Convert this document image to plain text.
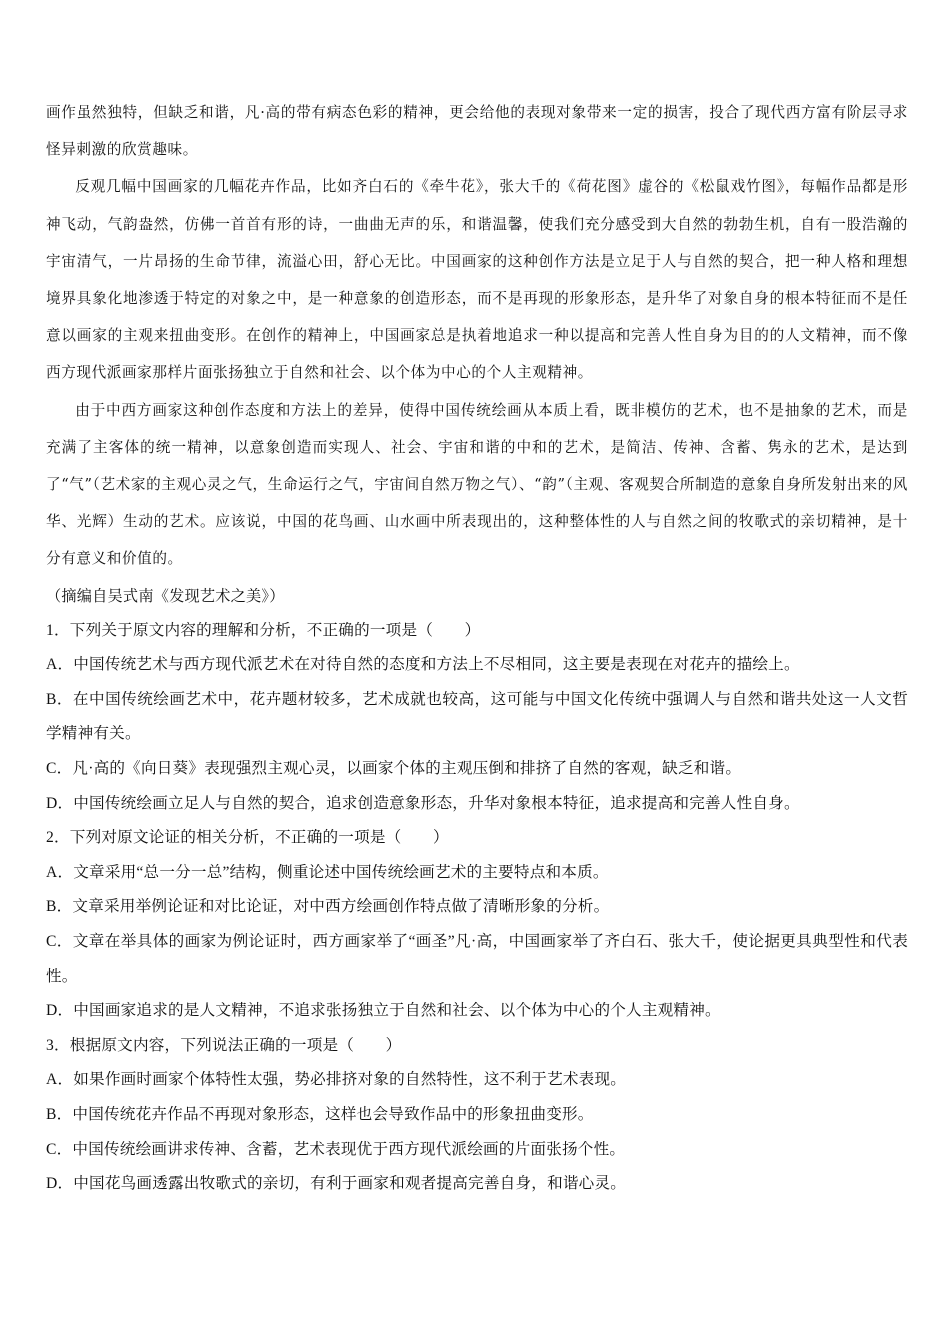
画作虽然独特，但缺乏和谐，凡·高的带有病态色彩的精神，更会给他的表现对象带来一定的损害，投合了现代西方富有阶层寻求怪异刺激的欣赏趣味。

反观几幅中国画家的几幅花卉作品，比如齐白石的《牵牛花》，张大千的《荷花图》虚谷的《松鼠戏竹图》，每幅作品都是形神飞动，气韵盎然，仿佛一首首有形的诗，一曲曲无声的乐，和谐温馨，使我们充分感受到大自然的勃勃生机，自有一股浩瀚的宇宙清气，一片昂扬的生命节律，流溢心田，舒心无比。中国画家的这种创作方法是立足于人与自然的契合，把一种人格和理想境界具象化地渗透于特定的对象之中，是一种意象的创造形态，而不是再现的形象形态，是升华了对象自身的根本特征而不是任意以画家的主观来扭曲变形。在创作的精神上，中国画家总是执着地追求一种以提高和完善人性自身为目的的人文精神，而不像西方现代派画家那样片面张扬独立于自然和社会、以个体为中心的个人主观精神。

由于中西方画家这种创作态度和方法上的差异，使得中国传统绘画从本质上看，既非模仿的艺术，也不是抽象的艺术，而是充满了主客体的统一精神，以意象创造而实现人、社会、宇宙和谐的中和的艺术，是简洁、传神、含蓄、隽永的艺术，是达到了“气”（艺术家的主观心灵之气，生命运行之气，宇宙间自然万物之气）、“韵”（主观、客观契合所制造的意象自身所发射出来的风华、光辉）生动的艺术。应该说，中国的花鸟画、山水画中所表现出的，这种整体性的人与自然之间的牧歌式的亲切精神，是十分有意义和价值的。

（摘编自吴式南《发现艺术之美》）

1．下列关于原文内容的理解和分析，不正确的一项是（　　）

A．中国传统艺术与西方现代派艺术在对待自然的态度和方法上不尽相同，这主要是表现在对花卉的描绘上。

B．在中国传统绘画艺术中，花卉题材较多，艺术成就也较高，这可能与中国文化传统中强调人与自然和谐共处这一人文哲学精神有关。

C．凡·高的《向日葵》表现强烈主观心灵，以画家个体的主观压倒和排挤了自然的客观，缺乏和谐。

D．中国传统绘画立足人与自然的契合，追求创造意象形态，升华对象根本特征，追求提高和完善人性自身。

2．下列对原文论证的相关分析，不正确的一项是（　　）

A．文章采用“总一分一总”结构，侧重论述中国传统绘画艺术的主要特点和本质。

B．文章采用举例论证和对比论证，对中西方绘画创作特点做了清晰形象的分析。

C．文章在举具体的画家为例论证时，西方画家举了“画圣”凡·高，中国画家举了齐白石、张大千，使论据更具典型性和代表性。

D．中国画家追求的是人文精神，不追求张扬独立于自然和社会、以个体为中心的个人主观精神。

3．根据原文内容，下列说法正确的一项是（　　）

A．如果作画时画家个体特性太强，势必排挤对象的自然特性，这不利于艺术表现。

B．中国传统花卉作品不再现对象形态，这样也会导致作品中的形象扭曲变形。

C．中国传统绘画讲求传神、含蓄，艺术表现优于西方现代派绘画的片面张扬个性。

D．中国花鸟画透露出牧歌式的亲切，有利于画家和观者提高完善自身，和谐心灵。
